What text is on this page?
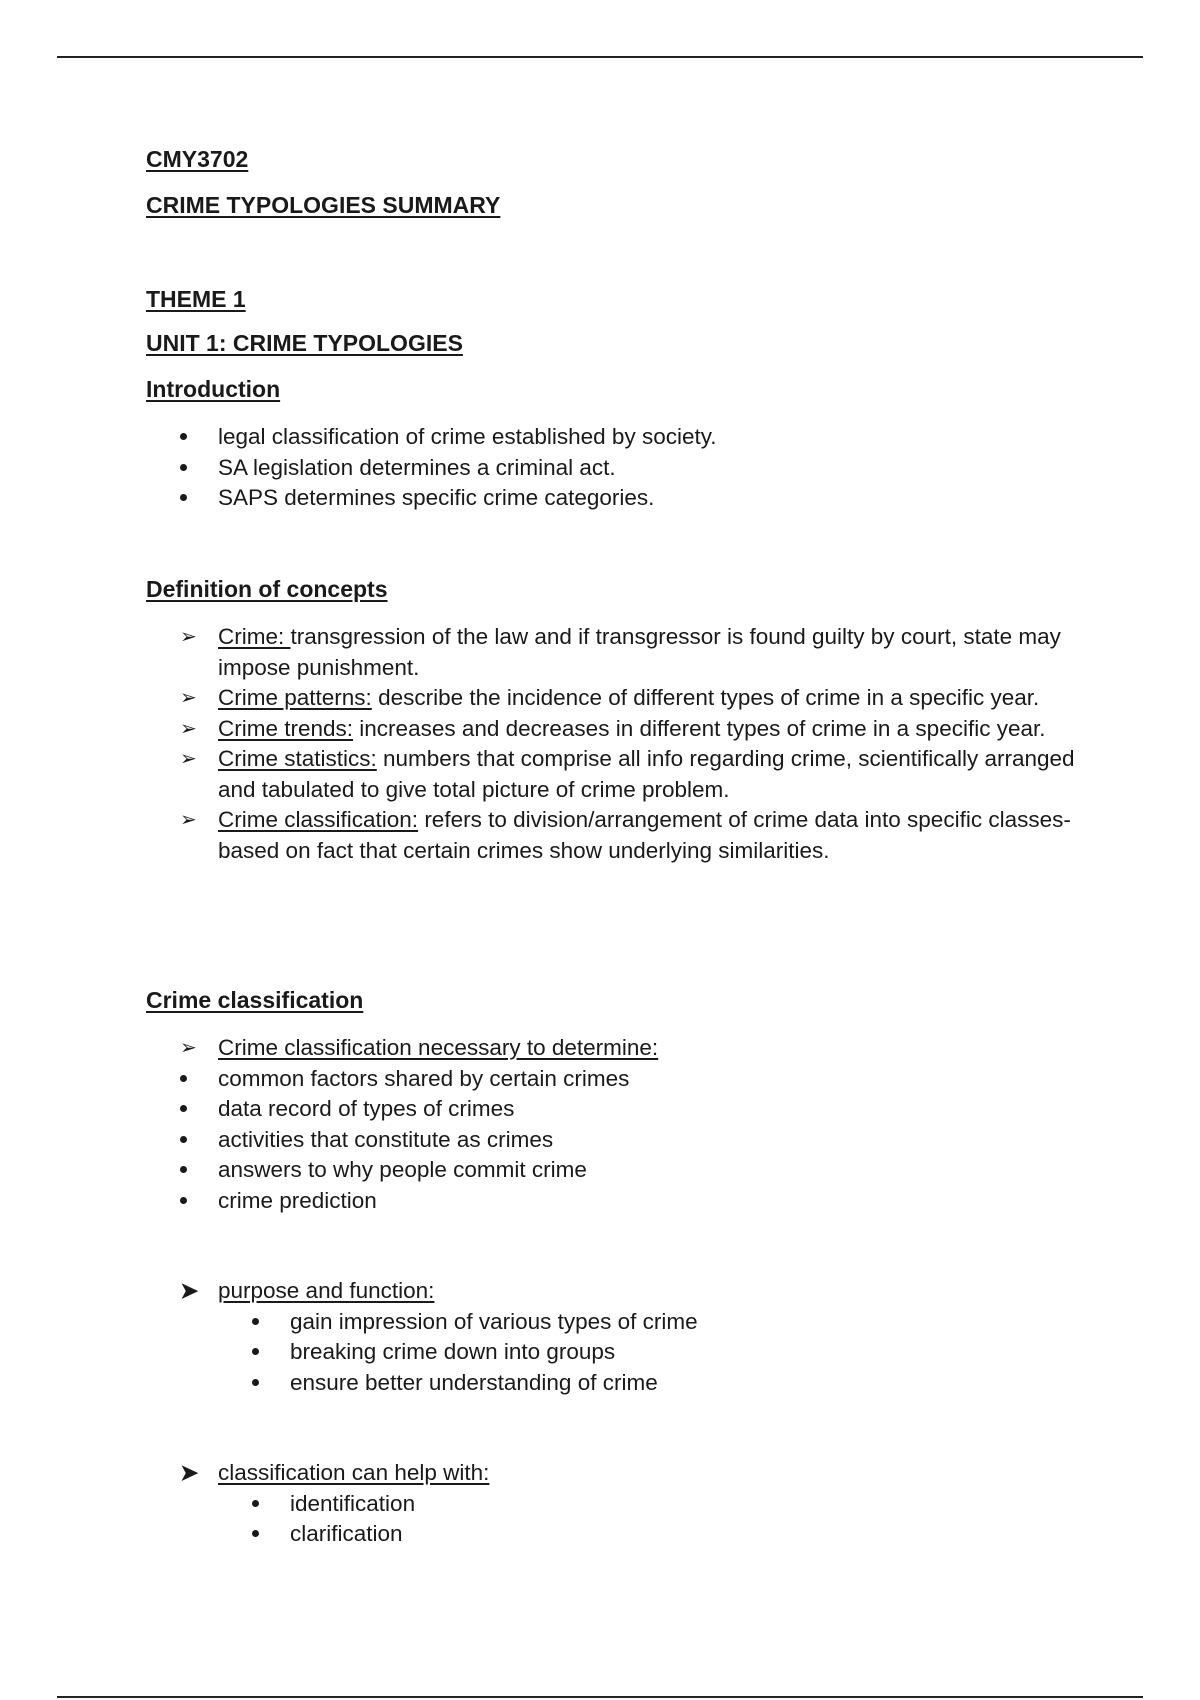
CMY3702
CRIME TYPOLOGIES SUMMARY
THEME 1
UNIT 1: CRIME TYPOLOGIES
Introduction
legal classification of crime established by society.
SA legislation determines a criminal act.
SAPS determines specific crime categories.
Definition of concepts
➢ Crime: transgression of the law and if transgressor is found guilty by court, state may impose punishment.
➢ Crime patterns: describe the incidence of different types of crime in a specific year.
➢ Crime trends: increases and decreases in different types of crime in a specific year.
➢ Crime statistics: numbers that comprise all info regarding crime, scientifically arranged and tabulated to give total picture of crime problem.
➢ Crime classification: refers to division/arrangement of crime data into specific classes- based on fact that certain crimes show underlying similarities.
Crime classification
➢ Crime classification necessary to determine:
common factors shared by certain crimes
data record of types of crimes
activities that constitute as crimes
answers to why people commit crime
crime prediction
➤ purpose and function:
gain impression of various types of crime
breaking crime down into groups
ensure better understanding of crime
➤ classification can help with:
identification
clarification
